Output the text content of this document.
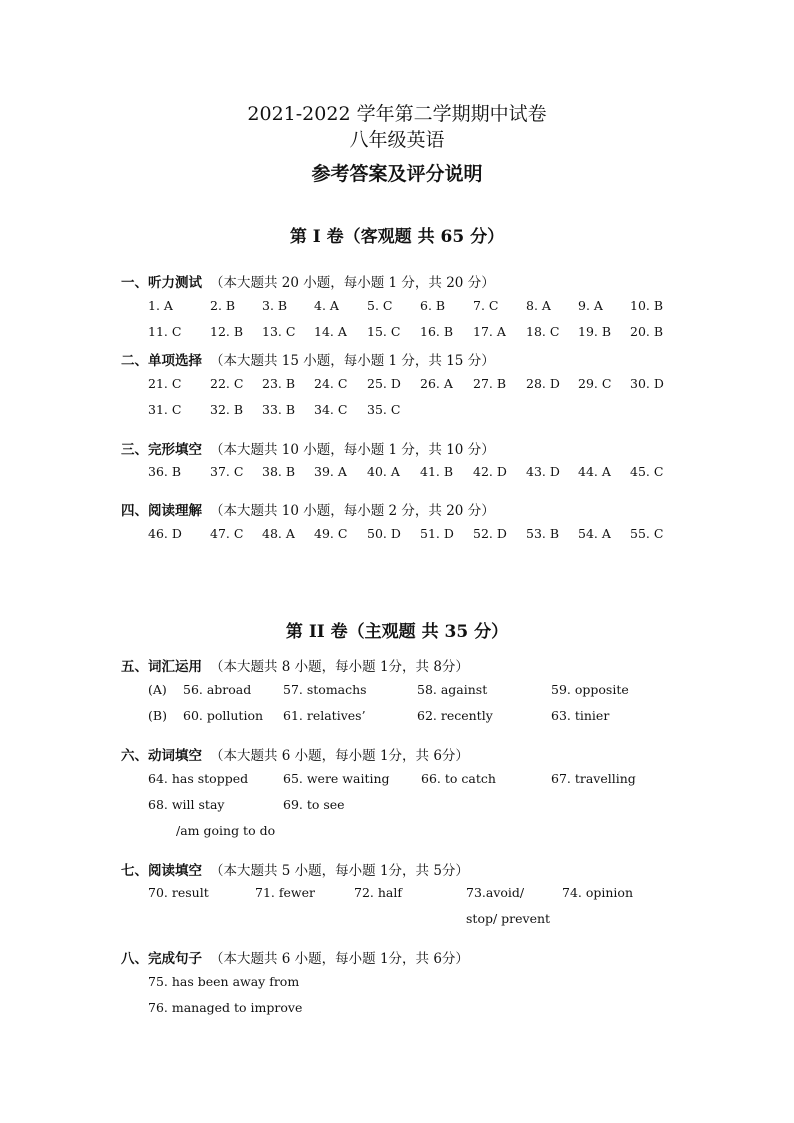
2021-2022 学年第二学期期中试卷
八年级英语
参考答案及评分说明
第 I 卷（客观题 共 65 分）
一、听力测试 （本大题共 20 小题，每小题 1 分，共 20 分）
1. A	2. B 3. B 4. A 5. C 6. B 7. C 8. A 9. A 10. B
11. C 12. B 13. C 14. A 15. C 16. B 17. A 18. C 19. B 20. B
二、单项选择 （本大题共 15 小题，每小题 1 分，共 15 分）
21. C 22. C 23. B 24. C 25. D 26. A 27. B 28. D 29. C 30. D
31. C 32. B 33. B 34. C 35. C
三、完形填空 （本大题共 10 小题，每小题 1 分，共 10 分）
36. B 37. C 38. B 39. A 40. A 41. B 42. D 43. D 44. A 45. C
四、阅读理解 （本大题共 10 小题，每小题 2 分，共 20 分）
46. D 47. C 48. A 49. C 50. D 51. D 52. D 53. B 54. A 55. C
第 II 卷（主观题 共 35 分）
五、词汇运用 （本大题共 8 小题，每小题 1分，共 8分）
(A) 56. abroad	57. stomachs	58. against	59. opposite
(B) 60. pollution 61. relatives’	62. recently	63. tinier
六、动词填空 （本大题共 6 小题，每小题 1分，共 6分）
64. has stopped	65. were waiting	66. to catch	67. travelling
68. will stay	69. to see
/am going to do
七、阅读填空 （本大题共 5 小题，每小题 1分，共 5分）
70. result	71. fewer	72. half	73.avoid/	74. opinion
stop/ prevent
八、完成句子 （本大题共 6 小题，每小题 1分，共 6分）
75. has been away from
76. managed to improve
